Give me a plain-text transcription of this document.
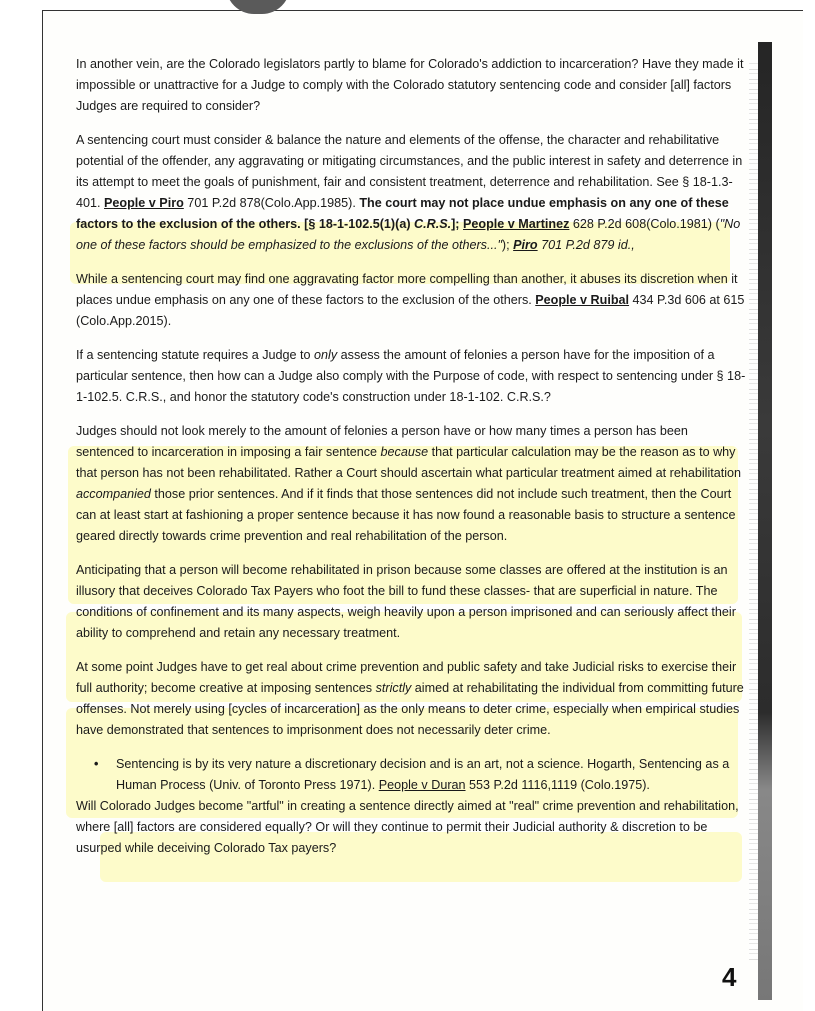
In another vein, are the Colorado legislators partly to blame for Colorado's addiction to incarceration? Have they made it impossible or unattractive for a Judge to comply with the Colorado statutory sentencing code and consider [all] factors Judges are required to consider?

A sentencing court must consider & balance the nature and elements of the offense, the character and rehabilitative potential of the offender, any aggravating or mitigating circumstances, and the public interest in safety and deterrence in its attempt to meet the goals of punishment, fair and consistent treatment, deterrence and rehabilitation. See § 18-1.3-401. People v Piro 701 P.2d 878(Colo.App.1985). The court may not place undue emphasis on any one of these factors to the exclusion of the others. [§ 18-1-102.5(1)(a) C.R.S.]; People v Martinez 628 P.2d 608(Colo.1981) ("No one of these factors should be emphasized to the exclusions of the others..."); Piro 701 P.2d 879 id.,

While a sentencing court may find one aggravating factor more compelling than another, it abuses its discretion when it places undue emphasis on any one of these factors to the exclusion of the others. People v Ruibal 434 P.3d 606 at 615 (Colo.App.2015).

If a sentencing statute requires a Judge to only assess the amount of felonies a person have for the imposition of a particular sentence, then how can a Judge also comply with the Purpose of code, with respect to sentencing under § 18-1-102.5. C.R.S., and honor the statutory code's construction under 18-1-102. C.R.S.?

Judges should not look merely to the amount of felonies a person have or how many times a person has been sentenced to incarceration in imposing a fair sentence because that particular calculation may be the reason as to why that person has not been rehabilitated. Rather a Court should ascertain what particular treatment aimed at rehabilitation accompanied those prior sentences. And if it finds that those sentences did not include such treatment, then the Court can at least start at fashioning a proper sentence because it has now found a reasonable basis to structure a sentence geared directly towards crime prevention and real rehabilitation of the person.

Anticipating that a person will become rehabilitated in prison because some classes are offered at the institution is an illusory that deceives Colorado Tax Payers who foot the bill to fund these classes- that are superficial in nature. The conditions of confinement and its many aspects, weigh heavily upon a person imprisoned and can seriously affect their ability to comprehend and retain any necessary treatment.

At some point Judges have to get real about crime prevention and public safety and take Judicial risks to exercise their full authority; become creative at imposing sentences strictly aimed at rehabilitating the individual from committing future offenses. Not merely using [cycles of incarceration] as the only means to deter crime, especially when empirical studies have demonstrated that sentences to imprisonment does not necessarily deter crime.

•	Sentencing is by its very nature a discretionary decision and is an art, not a science. Hogarth, Sentencing as a Human Process (Univ. of Toronto Press 1971). People v Duran 553 P.2d 1116,1119 (Colo.1975).

Will Colorado Judges become "artful" in creating a sentence directly aimed at "real" crime prevention and rehabilitation, where [all] factors are considered equally? Or will they continue to permit their Judicial authority & discretion to be usurped while deceiving Colorado Tax payers?

4
